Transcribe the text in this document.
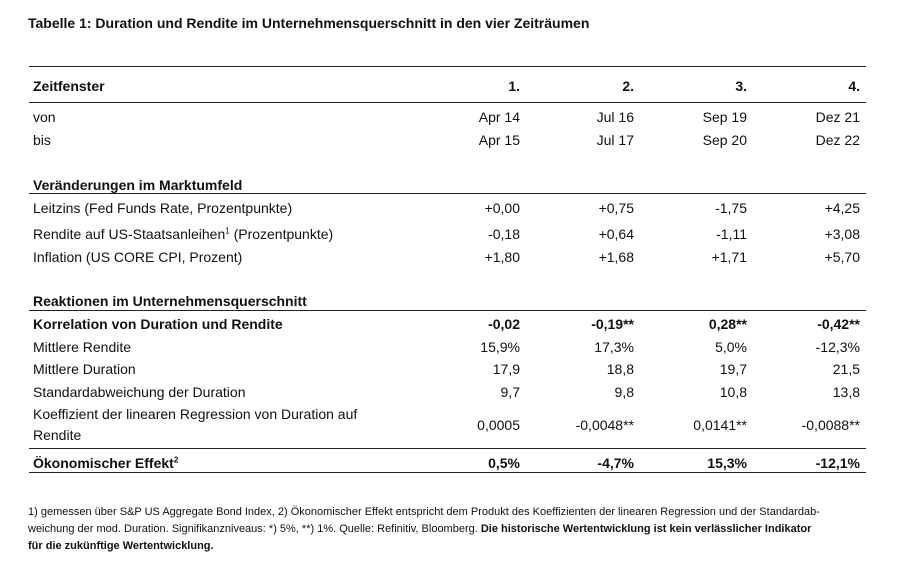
Tabelle 1: Duration und Rendite im Unternehmensquerschnitt in den vier Zeiträumen
Zeitfenster	1.	2.	3.	4.
von	Apr 14	Jul 16	Sep 19	Dez 21
bis	Apr 15	Jul 17	Sep 20	Dez 22
Veränderungen im Marktumfeld
Leitzins (Fed Funds Rate, Prozentpunkte)	+0,00	+0,75	-1,75	+4,25
Rendite auf US-Staatsanleihen$^1$ (Prozentpunkte)	-0,18	+0,64	-1,11	+3,08
Inflation (US CORE CPI, Prozent)	+1,80	+1,68	+1,71	+5,70
Reaktionen im Unternehmensquerschnitt
Korrelation von Duration und Rendite	-0,02	-0,19**	0,28**	-0,42**
Mittlere Rendite	15,9%	17,3%	5,0%	-12,3%
Mittlere Duration	17,9	18,8	19,7	21,5
Standardabweichung der Duration	9,7	9,8	10,8	13,8
Koeffizient der linearen Regression von Duration auf
Rendite
0,0005	-0,0048**	0,0141**	-0,0088**
Ökonomischer Effekt$^2$	0,5%	-4,7%	15,3%	-12,1%
1) gemessen über S&P US Aggregate Bond Index, 2) Ökonomischer Effekt entspricht dem Produkt des Koeffizienten der linearen Regression und der Standardab-
weichung der mod. Duration. Signifikanzniveaus: *) 5%, **) 1%. Quelle: Refinitiv, Bloomberg. Die historische Wertentwicklung ist kein verlässlicher Indikator
für die zukünftige Wertentwicklung.
